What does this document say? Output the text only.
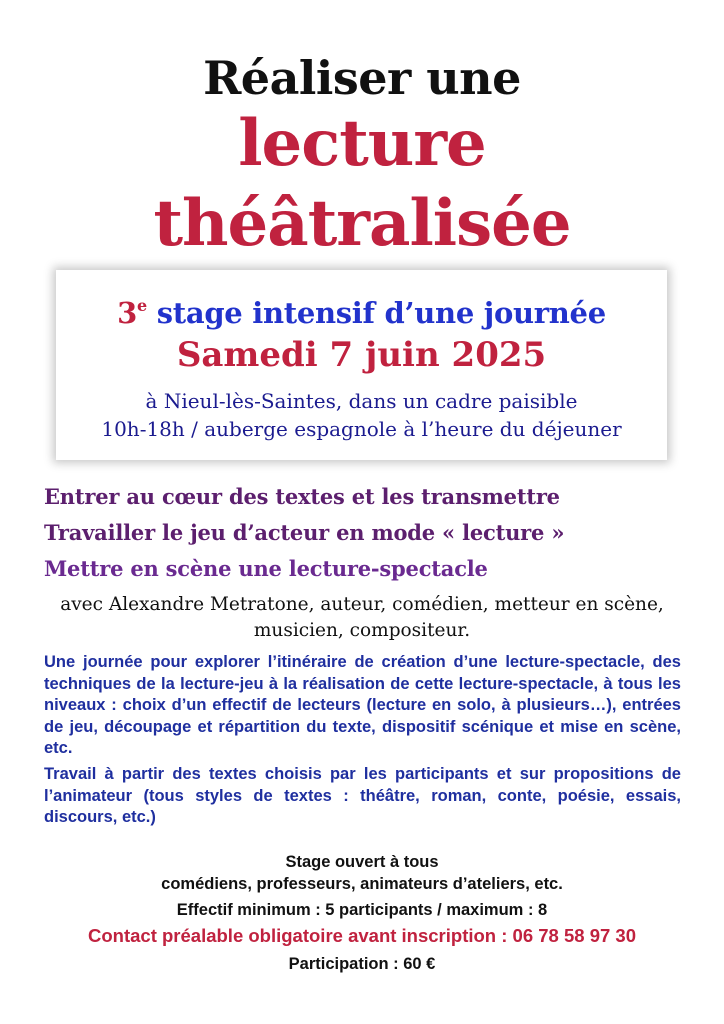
Réaliser une
lecture
théâtralisée
3e stage intensif d’une journée
Samedi 7 juin 2025
à Nieul-lès-Saintes, dans un cadre paisible
10h-18h / auberge espagnole à l’heure du déjeuner
Entrer au cœur des textes et les transmettre
Travailler le jeu d’acteur en mode « lecture »
Mettre en scène une lecture-spectacle
avec Alexandre Metratone, auteur, comédien, metteur en scène, musicien, compositeur.
Une journée pour explorer l’itinéraire de création d’une lecture-spectacle, des techniques de la lecture-jeu à la réalisation de cette lecture-spectacle, à tous les niveaux : choix d’un effectif de lecteurs (lecture en solo, à plusieurs…), entrées de jeu, découpage et répartition du texte, dispositif scénique et mise en scène, etc.
Travail à partir des textes choisis par les participants et sur propositions de l’animateur (tous styles de textes : théâtre, roman, conte, poésie, essais, discours, etc.)
Stage ouvert à tous
comédiens, professeurs, animateurs d’ateliers, etc.
Effectif minimum : 5 participants / maximum : 8
Contact préalable obligatoire avant inscription : 06 78 58 97 30
Participation : 60 €
